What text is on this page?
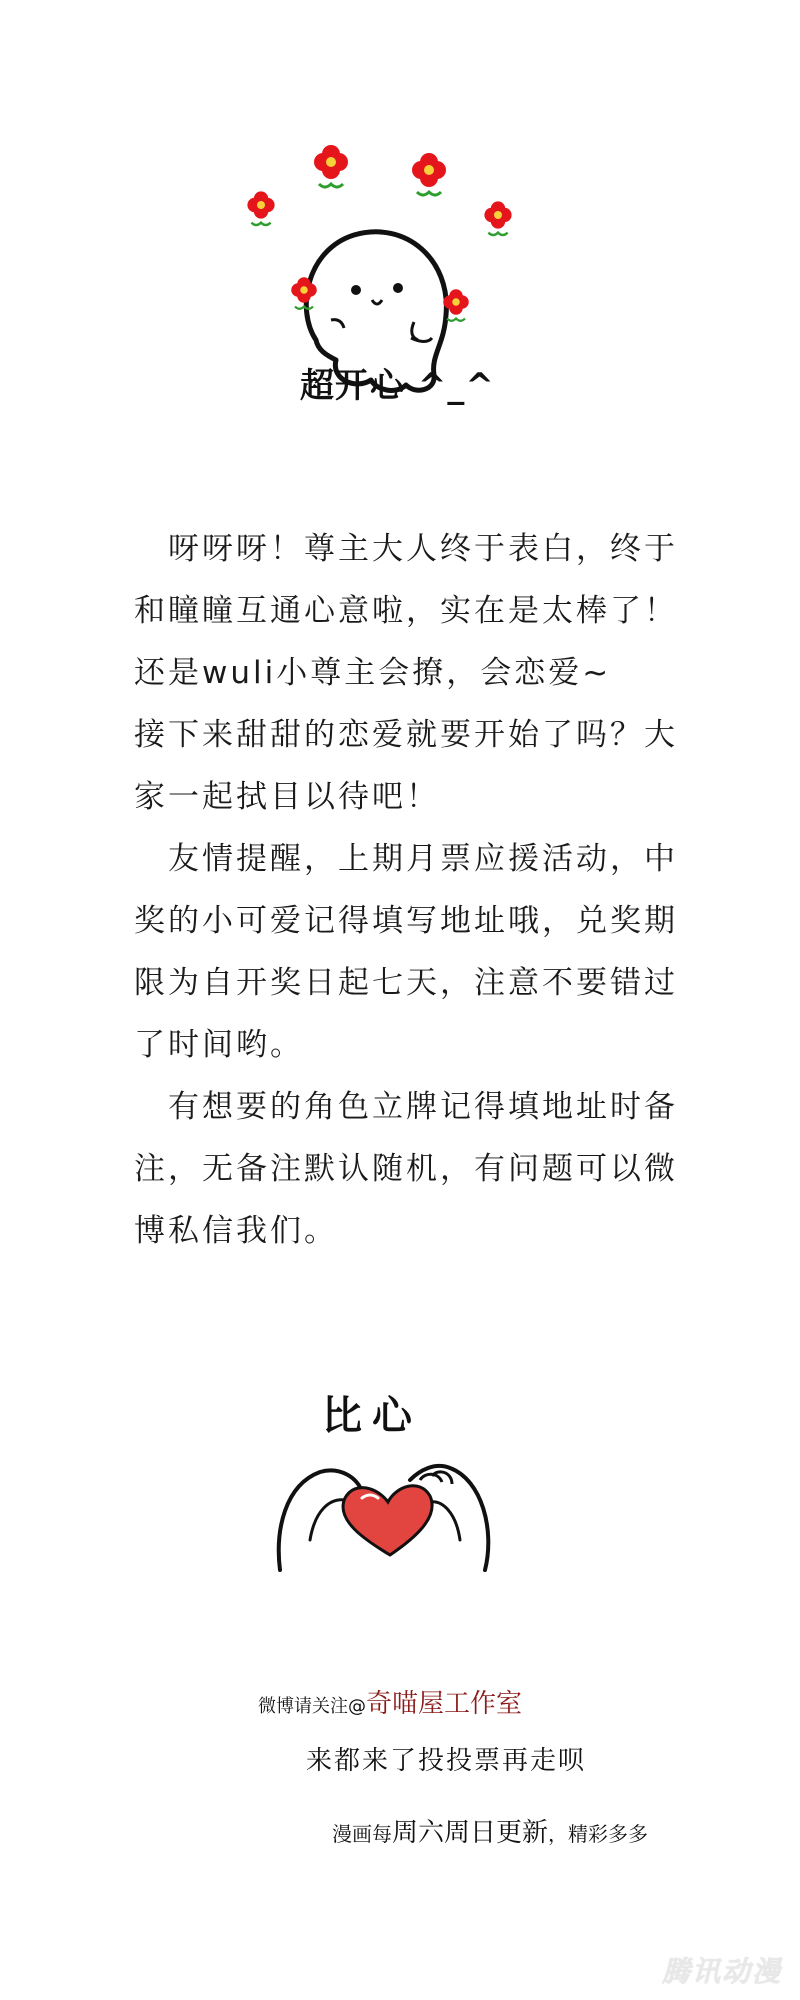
超开心 ^_^
　呀呀呀！尊主大人终于表白，终于
和瞳瞳互通心意啦，实在是太棒了！
还是wuli小尊主会撩，会恋爱~
接下来甜甜的恋爱就要开始了吗？大
家一起拭目以待吧！
　友情提醒，上期月票应援活动，中
奖的小可爱记得填写地址哦，兑奖期
限为自开奖日起七天，注意不要错过
了时间哟。
　有想要的角色立牌记得填地址时备
注，无备注默认随机，有问题可以微
博私信我们。
比心
微博请关注@奇喵屋工作室
来都来了投投票再走呗
漫画每周六周日更新，精彩多多
腾讯动漫
